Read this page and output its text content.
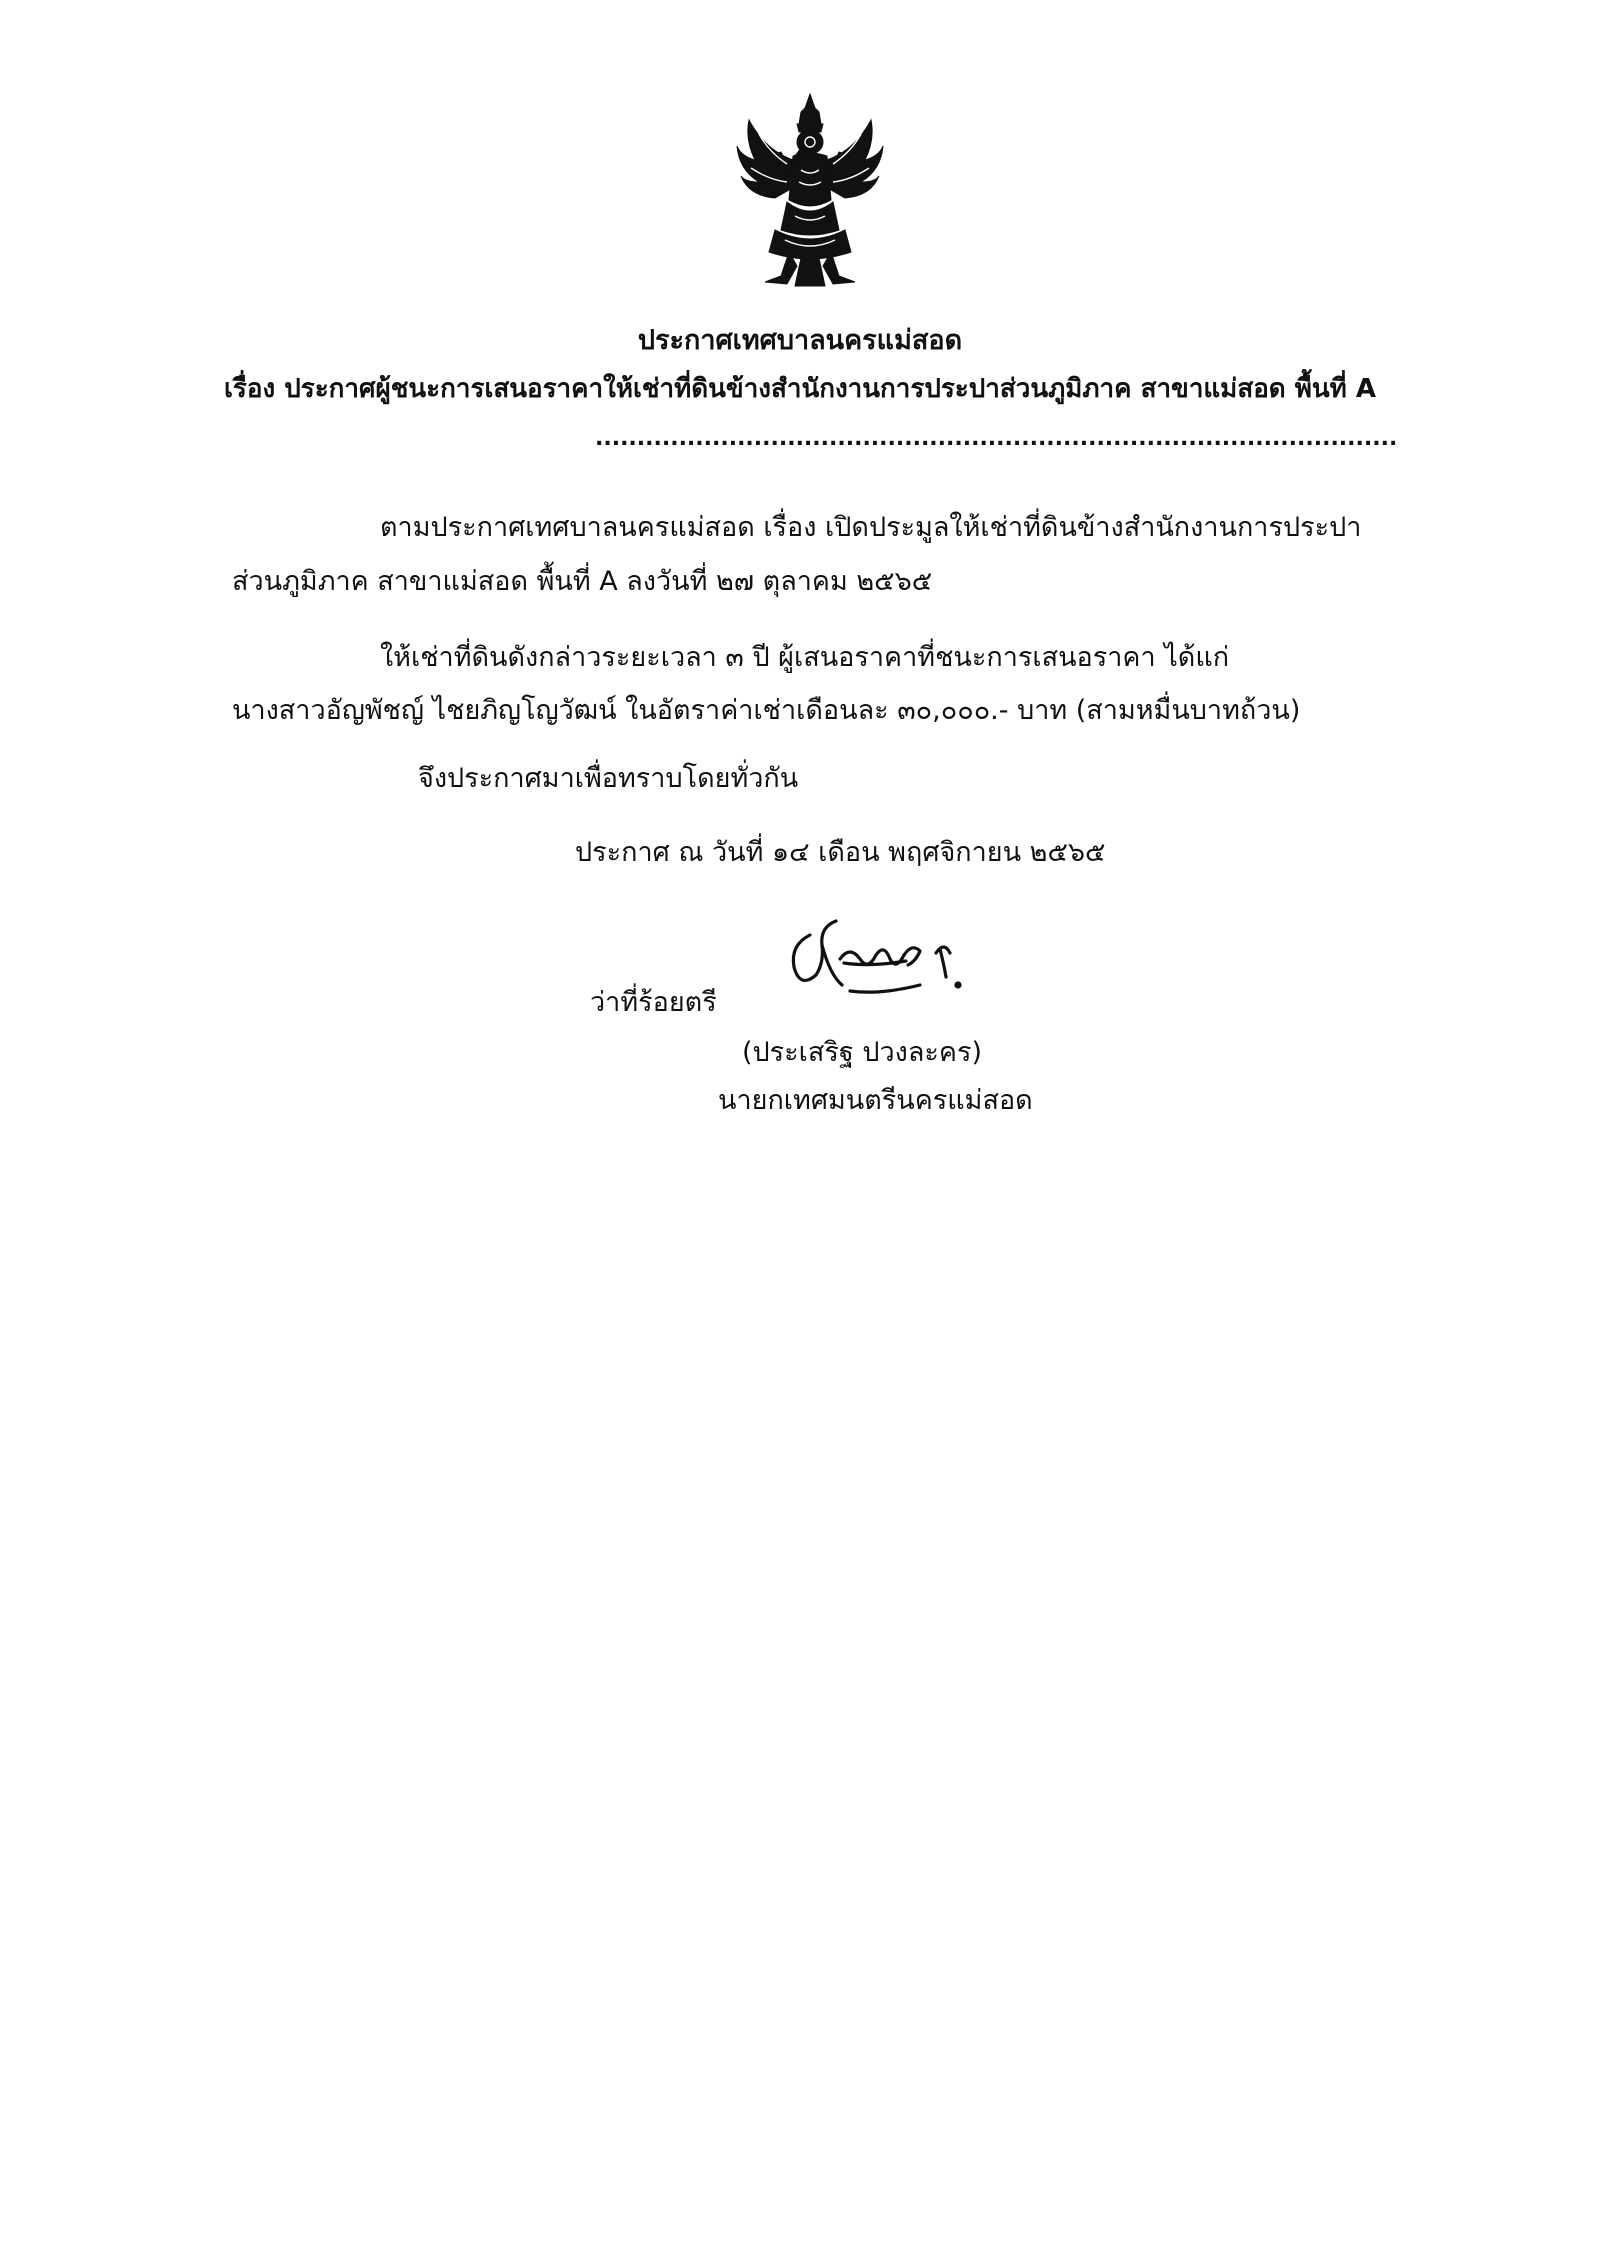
ประกาศเทศบาลนครแม่สอด
เรื่อง ประกาศผู้ชนะการเสนอราคาให้เช่าที่ดินข้างสำนักงานการประปาส่วนภูมิภาค สาขาแม่สอด พื้นที่ A
................................................................................................
ตามประกาศเทศบาลนครแม่สอด เรื่อง เปิดประมูลให้เช่าที่ดินข้างสำนักงานการประปา
ส่วนภูมิภาค สาขาแม่สอด พื้นที่ A ลงวันที่ ๒๗ ตุลาคม ๒๕๖๕
ให้เช่าที่ดินดังกล่าวระยะเวลา ๓ ปี ผู้เสนอราคาที่ชนะการเสนอราคา ได้แก่
นางสาวอัญพัชญ์ ไชยภิญโญวัฒน์ ในอัตราค่าเช่าเดือนละ ๓๐,๐๐๐.- บาท (สามหมื่นบาทถ้วน)
จึงประกาศมาเพื่อทราบโดยทั่วกัน
ประกาศ ณ วันที่ ๑๔ เดือน พฤศจิกายน ๒๕๖๕
ว่าที่ร้อยตรี
(ประเสริฐ ปวงละคร)
นายกเทศมนตรีนครแม่สอด
